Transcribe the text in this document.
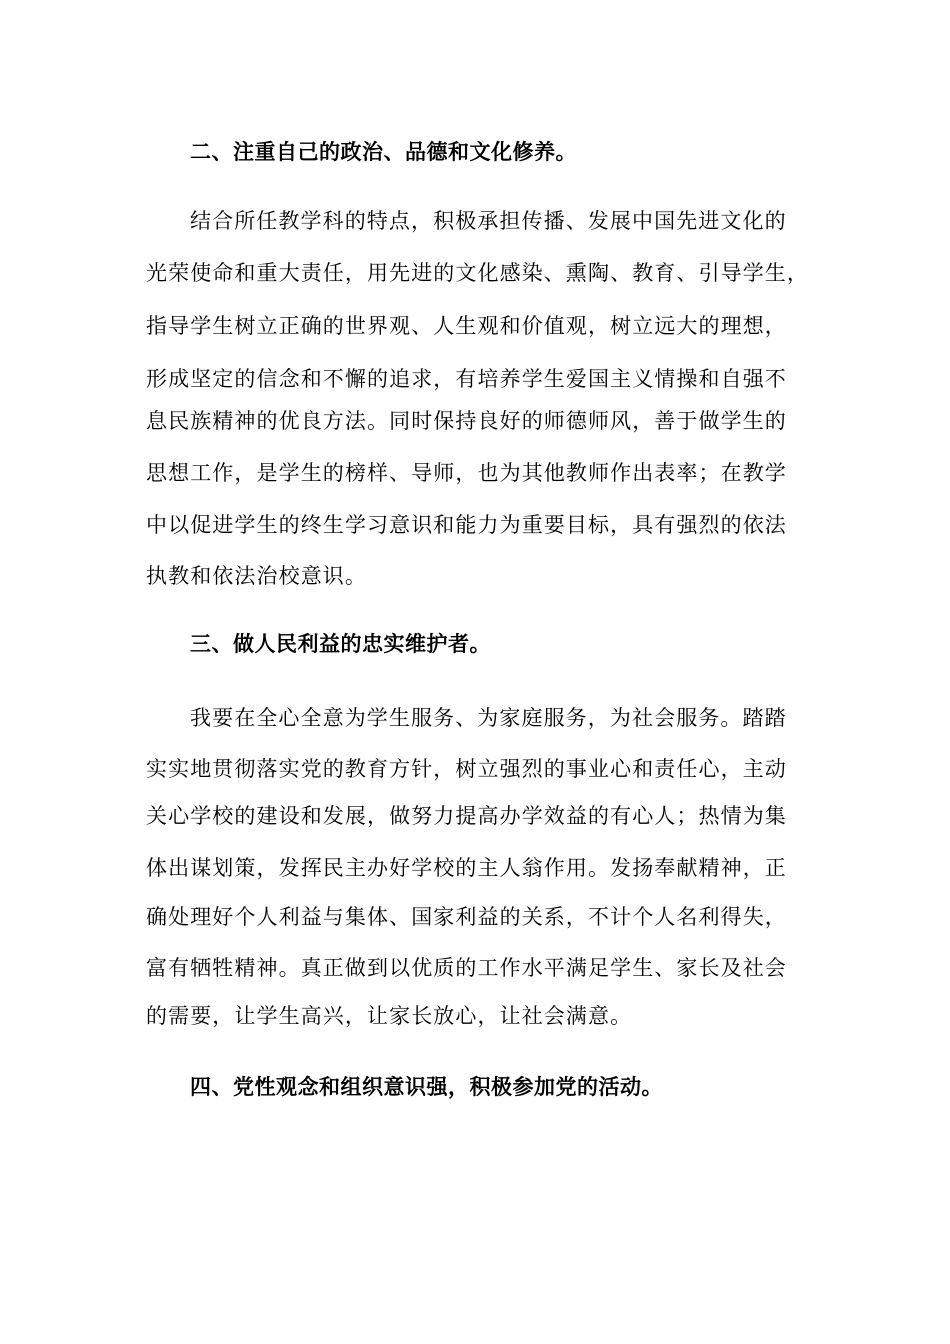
二、注重自己的政治、品德和文化修养。
结合所任教学科的特点，积极承担传播、发展中国先进文化的
光荣使命和重大责任，用先进的文化感染、熏陶、教育、引导学生，
指导学生树立正确的世界观、人生观和价值观，树立远大的理想，
形成坚定的信念和不懈的追求，有培养学生爱国主义情操和自强不
息民族精神的优良方法。同时保持良好的师德师风，善于做学生的
思想工作，是学生的榜样、导师，也为其他教师作出表率；在教学
中以促进学生的终生学习意识和能力为重要目标，具有强烈的依法
执教和依法治校意识。
三、做人民利益的忠实维护者。
我要在全心全意为学生服务、为家庭服务，为社会服务。踏踏
实实地贯彻落实党的教育方针，树立强烈的事业心和责任心，主动
关心学校的建设和发展，做努力提高办学效益的有心人；热情为集
体出谋划策，发挥民主办好学校的主人翁作用。发扬奉献精神，正
确处理好个人利益与集体、国家利益的关系，不计个人名利得失，
富有牺牲精神。真正做到以优质的工作水平满足学生、家长及社会
的需要，让学生高兴，让家长放心，让社会满意。
四、党性观念和组织意识强，积极参加党的活动。
